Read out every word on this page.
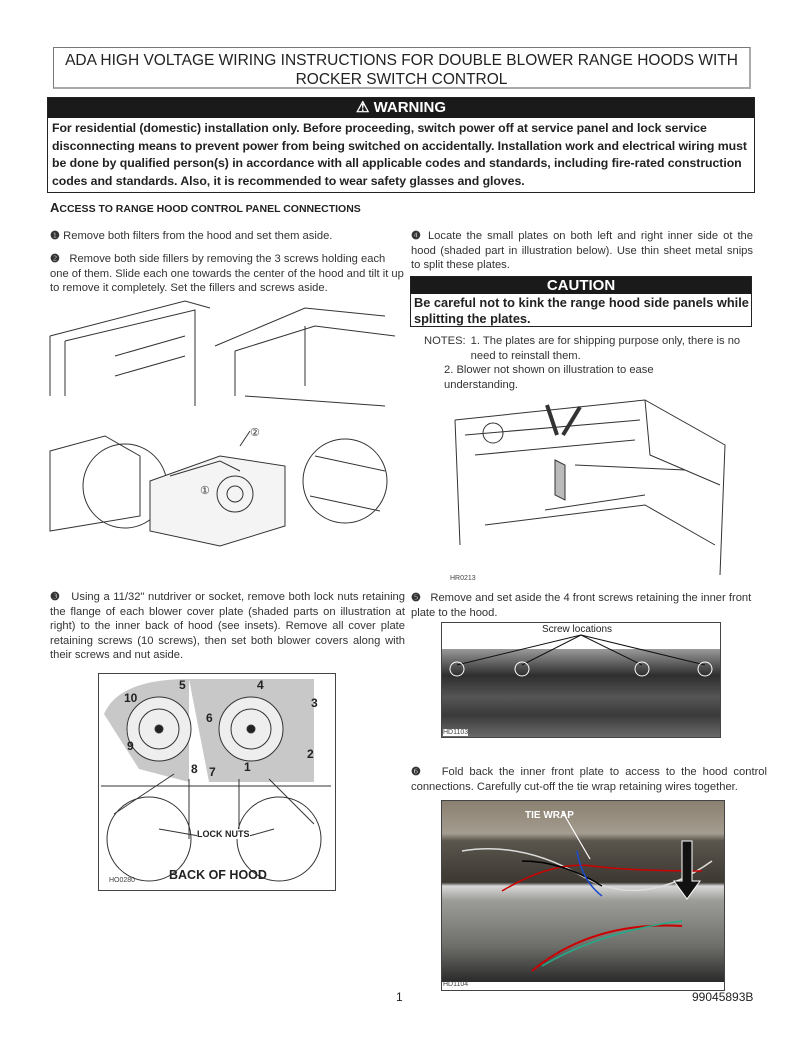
ADA HIGH VOLTAGE WIRING INSTRUCTIONS FOR DOUBLE BLOWER RANGE HOODS WITH ROCKER SWITCH CONTROL
⚠ WARNING
For residential (domestic) installation only. Before proceeding, switch power off at service panel and lock service disconnecting means to prevent power from being switched on accidentally. Installation work and electrical wiring must be done by qualified person(s) in accordance with all applicable codes and standards, including fire-rated construction codes and standards. Also, it is recommended to wear safety glasses and gloves.
ACCESS TO RANGE HOOD CONTROL PANEL CONNECTIONS
❶ Remove both filters from the hood and set them aside.
❷ Remove both side fillers by removing the 3 screws holding each one of them. Slide each one towards the center of the hood and tilt it up to remove it completely. Set the fillers and screws aside.
②
①
❸ Using a 11/32" nutdriver or socket, remove both lock nuts retaining the flange of each blower cover plate (shaded parts on illustration at right) to the inner back of hood (see insets). Remove all cover plate retaining screws (10 screws), then set both blower covers along with their screws and nut aside.
5	4
3
10
6
9
2
8 7 1
LOCK NUTS
BACK OF HOOD
HO0280
❹ Locate the small plates on both left and right inner side ot the hood (shaded part in illustration below). Use thin sheet metal snips to split these plates.
CAUTION
Be careful not to kink the range hood side panels while splitting the plates.
NOTES: 1. The plates are for shipping purpose only, there is no need to reinstall them.
2. Blower not shown on illustration to ease understanding.
HR0213
❺ Remove and set aside the 4 front screws retaining the inner front plate to the hood.
Screw locations
HD1103
❻ Fold back the inner front plate to access to the hood control connections. Carefully cut-off the tie wrap retaining wires together.
TIE WRAP
HD1104
1	99045893B
